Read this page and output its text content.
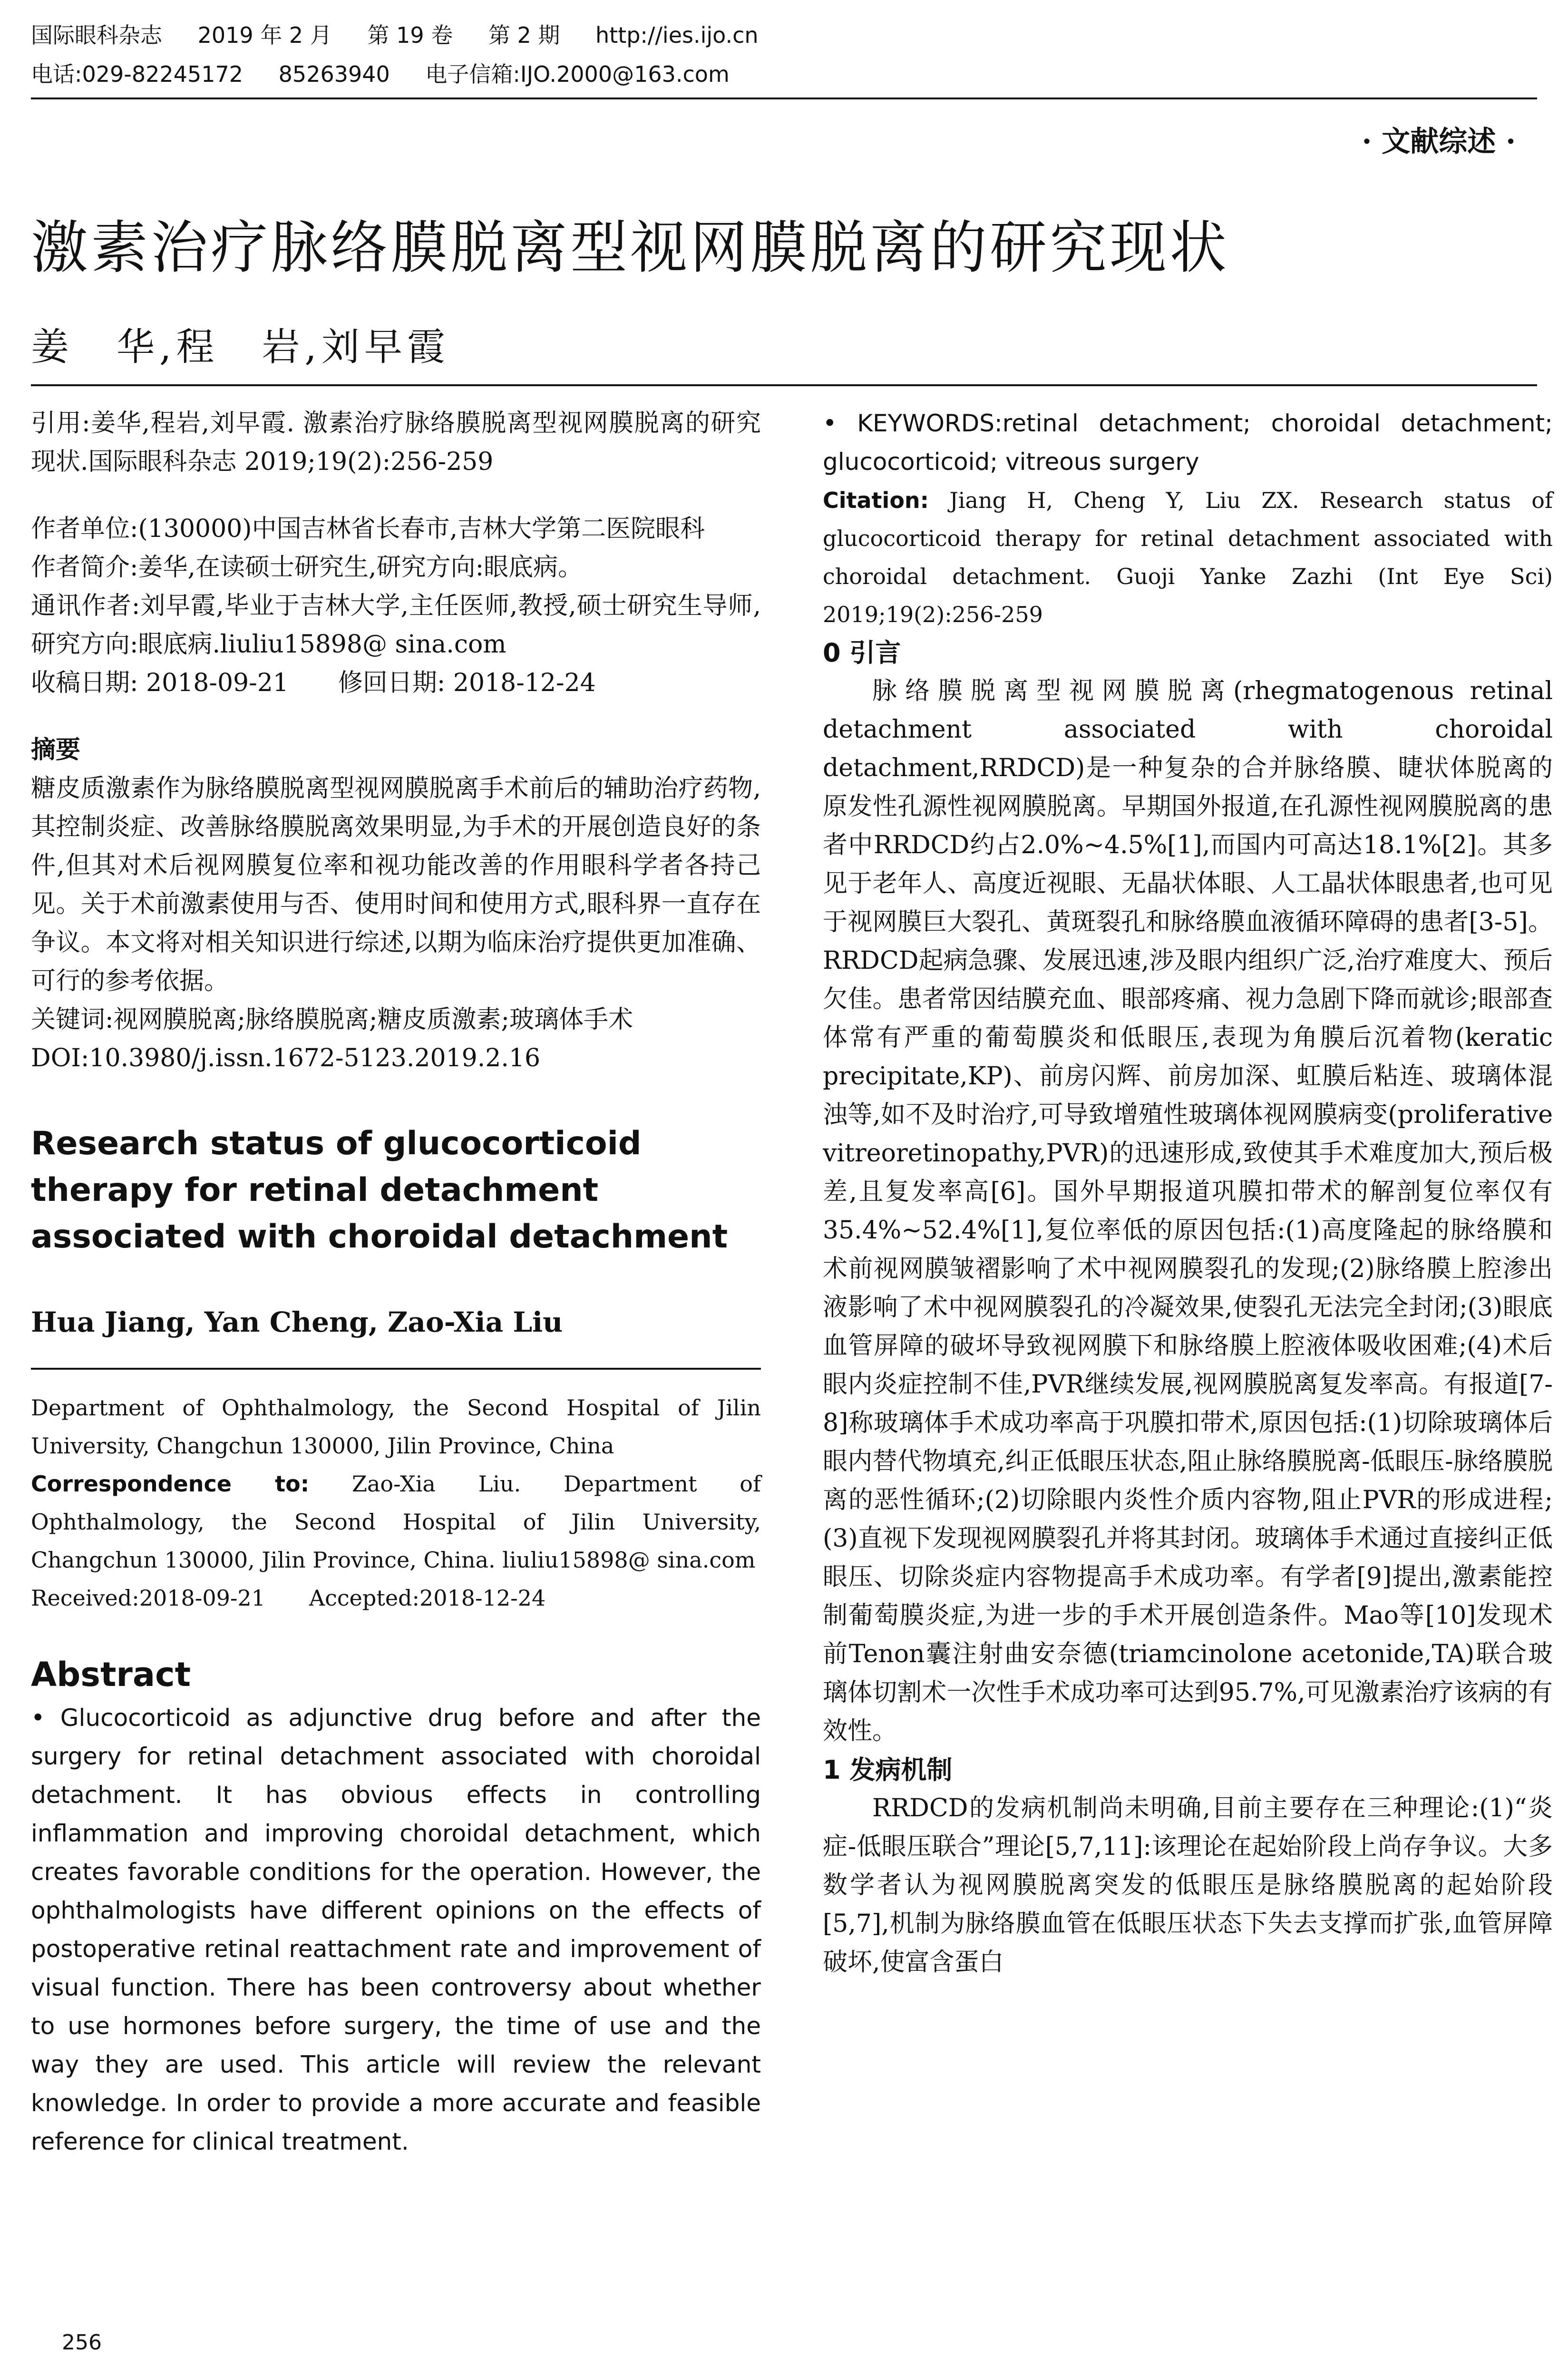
国际眼科杂志 2019 年 2 月 第 19 卷 第 2 期 http://ies.ijo.cn
电话:029-82245172 85263940 电子信箱:IJO.2000@163.com
· 文献综述 ·
激素治疗脉络膜脱离型视网膜脱离的研究现状
姜　华,程　岩,刘早霞

引用:姜华,程岩,刘早霞. 激素治疗脉络膜脱离型视网膜脱离的研究现状.国际眼科杂志 2019;19(2):256-259

作者单位:(130000)中国吉林省长春市,吉林大学第二医院眼科

作者简介:姜华,在读硕士研究生,研究方向:眼底病。

通讯作者:刘早霞,毕业于吉林大学,主任医师,教授,硕士研究生导师,研究方向:眼底病.liuliu15898@ sina.com

收稿日期: 2018-09-21　　修回日期: 2018-12-24

摘要

糖皮质激素作为脉络膜脱离型视网膜脱离手术前后的辅助治疗药物,其控制炎症、改善脉络膜脱离效果明显,为手术的开展创造良好的条件,但其对术后视网膜复位率和视功能改善的作用眼科学者各持己见。关于术前激素使用与否、使用时间和使用方式,眼科界一直存在争议。本文将对相关知识进行综述,以期为临床治疗提供更加准确、可行的参考依据。

关键词:视网膜脱离;脉络膜脱离;糖皮质激素;玻璃体手术

DOI:10.3980/j.issn.1672-5123.2019.2.16

Research status of glucocorticoid therapy for retinal detachment associated with choroidal detachment

Hua Jiang, Yan Cheng, Zao-Xia Liu

Department of Ophthalmology, the Second Hospital of Jilin University, Changchun 130000, Jilin Province, China

Correspondence to: Zao-Xia Liu. Department of Ophthalmology, the Second Hospital of Jilin University, Changchun 130000, Jilin Province, China. liuliu15898@ sina.com

Received:2018-09-21　　Accepted:2018-12-24

Abstract

• Glucocorticoid as adjunctive drug before and after the surgery for retinal detachment associated with choroidal detachment. It has obvious effects in controlling inflammation and improving choroidal detachment, which creates favorable conditions for the operation. However, the ophthalmologists have different opinions on the effects of postoperative retinal reattachment rate and improvement of visual function. There has been controversy about whether to use hormones before surgery, the time of use and the way they are used. This article will review the relevant knowledge. In order to provide a more accurate and feasible reference for clinical treatment.

• KEYWORDS:retinal detachment; choroidal detachment; glucocorticoid; vitreous surgery

Citation: Jiang H, Cheng Y, Liu ZX. Research status of glucocorticoid therapy for retinal detachment associated with choroidal detachment. Guoji Yanke Zazhi (Int Eye Sci) 2019;19(2):256-259

0 引言

脉络膜脱离型视网膜脱离(rhegmatogenous retinal detachment associated with choroidal detachment,RRDCD)是一种复杂的合并脉络膜、睫状体脱离的原发性孔源性视网膜脱离。早期国外报道,在孔源性视网膜脱离的患者中RRDCD约占2.0%~4.5%[1],而国内可高达18.1%[2]。其多见于老年人、高度近视眼、无晶状体眼、人工晶状体眼患者,也可见于视网膜巨大裂孔、黄斑裂孔和脉络膜血液循环障碍的患者[3-5]。RRDCD起病急骤、发展迅速,涉及眼内组织广泛,治疗难度大、预后欠佳。患者常因结膜充血、眼部疼痛、视力急剧下降而就诊;眼部查体常有严重的葡萄膜炎和低眼压,表现为角膜后沉着物(keratic precipitate,KP)、前房闪辉、前房加深、虹膜后粘连、玻璃体混浊等,如不及时治疗,可导致增殖性玻璃体视网膜病变(proliferative vitreoretinopathy,PVR)的迅速形成,致使其手术难度加大,预后极差,且复发率高[6]。国外早期报道巩膜扣带术的解剖复位率仅有35.4%~52.4%[1],复位率低的原因包括:(1)高度隆起的脉络膜和术前视网膜皱褶影响了术中视网膜裂孔的发现;(2)脉络膜上腔渗出液影响了术中视网膜裂孔的冷凝效果,使裂孔无法完全封闭;(3)眼底血管屏障的破坏导致视网膜下和脉络膜上腔液体吸收困难;(4)术后眼内炎症控制不佳,PVR继续发展,视网膜脱离复发率高。有报道[7-8]称玻璃体手术成功率高于巩膜扣带术,原因包括:(1)切除玻璃体后眼内替代物填充,纠正低眼压状态,阻止脉络膜脱离-低眼压-脉络膜脱离的恶性循环;(2)切除眼内炎性介质内容物,阻止PVR的形成进程;(3)直视下发现视网膜裂孔并将其封闭。玻璃体手术通过直接纠正低眼压、切除炎症内容物提高手术成功率。有学者[9]提出,激素能控制葡萄膜炎症,为进一步的手术开展创造条件。Mao等[10]发现术前Tenon囊注射曲安奈德(triamcinolone acetonide,TA)联合玻璃体切割术一次性手术成功率可达到95.7%,可见激素治疗该病的有效性。

1 发病机制

RRDCD的发病机制尚未明确,目前主要存在三种理论:(1)“炎症-低眼压联合”理论[5,7,11]:该理论在起始阶段上尚存争议。大多数学者认为视网膜脱离突发的低眼压是脉络膜脱离的起始阶段[5,7],机制为脉络膜血管在低眼压状态下失去支撑而扩张,血管屏障破坏,使富含蛋白

256
